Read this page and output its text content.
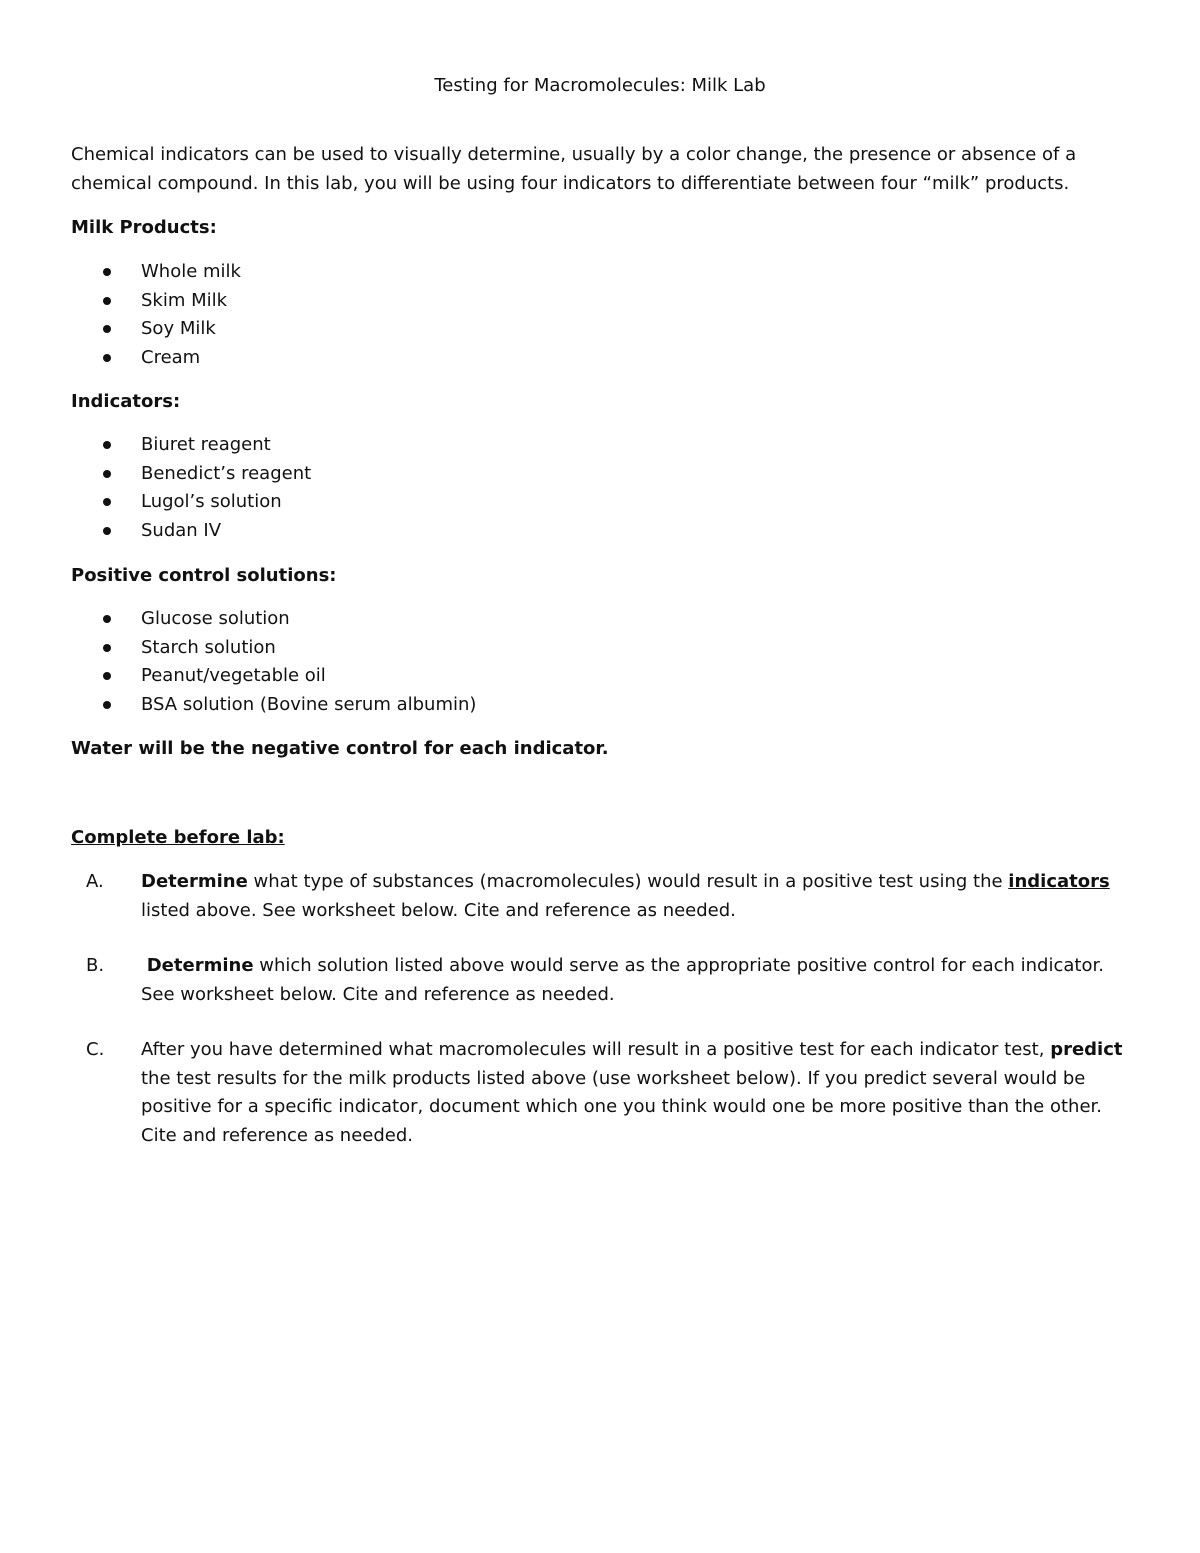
Testing for Macromolecules: Milk Lab
Chemical indicators can be used to visually determine, usually by a color change, the presence or absence of a chemical compound. In this lab, you will be using four indicators to differentiate between four “milk” products.
Milk Products:
Whole milk
Skim Milk
Soy Milk
Cream
Indicators:
Biuret reagent
Benedict’s reagent
Lugol’s solution
Sudan IV
Positive control solutions:
Glucose solution
Starch solution
Peanut/vegetable oil
BSA solution (Bovine serum albumin)
Water will be the negative control for each indicator.
Complete before lab:
A. Determine what type of substances (macromolecules) would result in a positive test using the indicators listed above. See worksheet below. Cite and reference as needed.
B.	Determine which solution listed above would serve as the appropriate positive control for each indicator. See worksheet below. Cite and reference as needed.
C. After you have determined what macromolecules will result in a positive test for each indicator test, predict the test results for the milk products listed above (use worksheet below). If you predict several would be positive for a specific indicator, document which one you think would one be more positive than the other. Cite and reference as needed.
